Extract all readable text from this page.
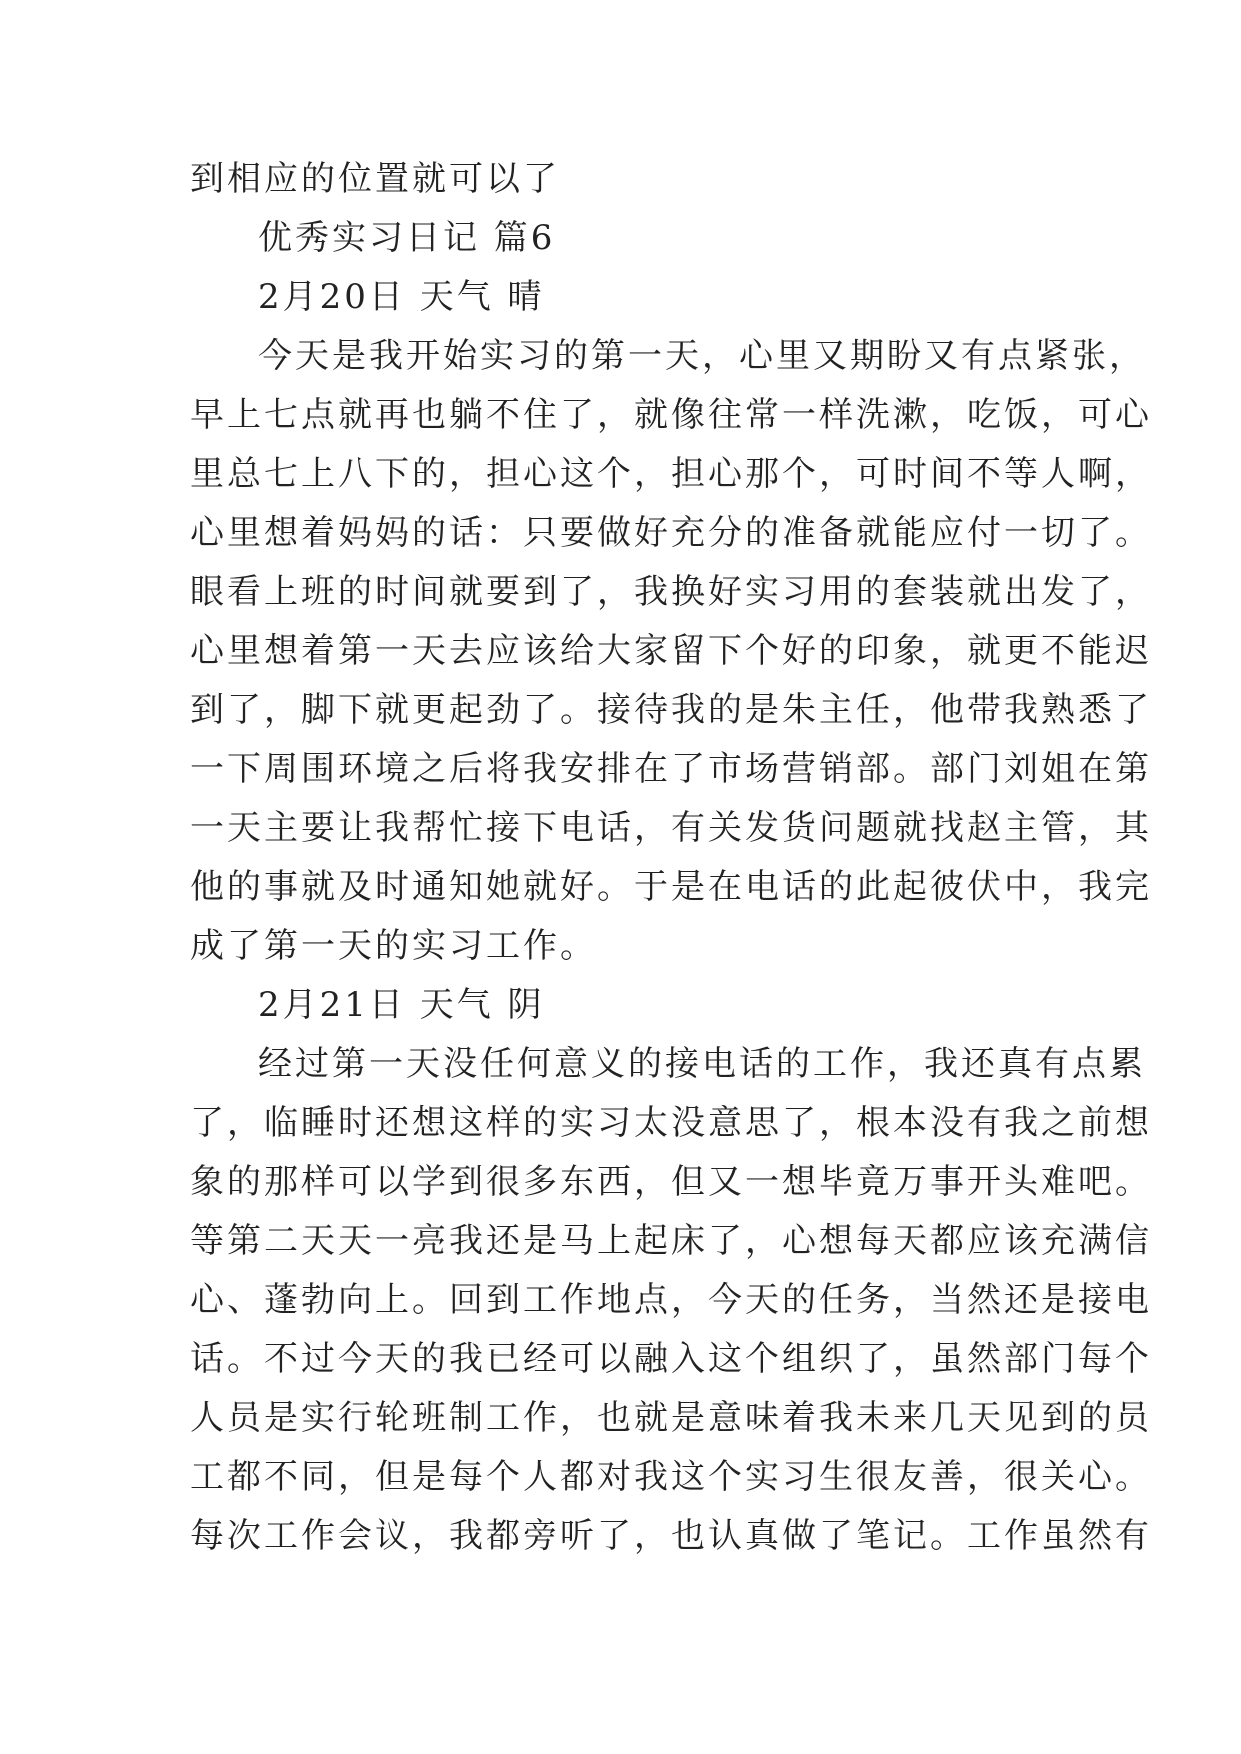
到相应的位置就可以了
优秀实习日记 篇6
2月20日 天气 晴
今天是我开始实习的第一天，心里又期盼又有点紧张，
早上七点就再也躺不住了，就像往常一样洗漱，吃饭，可心
里总七上八下的，担心这个，担心那个，可时间不等人啊，
心里想着妈妈的话：只要做好充分的准备就能应付一切了。
眼看上班的时间就要到了，我换好实习用的套装就出发了，
心里想着第一天去应该给大家留下个好的印象，就更不能迟
到了，脚下就更起劲了。接待我的是朱主任，他带我熟悉了
一下周围环境之后将我安排在了市场营销部。部门刘姐在第
一天主要让我帮忙接下电话，有关发货问题就找赵主管，其
他的事就及时通知她就好。于是在电话的此起彼伏中，我完
成了第一天的实习工作。
2月21日 天气 阴
经过第一天没任何意义的接电话的工作，我还真有点累
了，临睡时还想这样的实习太没意思了，根本没有我之前想
象的那样可以学到很多东西，但又一想毕竟万事开头难吧。
等第二天天一亮我还是马上起床了，心想每天都应该充满信
心、蓬勃向上。回到工作地点，今天的任务，当然还是接电
话。不过今天的我已经可以融入这个组织了，虽然部门每个
人员是实行轮班制工作，也就是意味着我未来几天见到的员
工都不同，但是每个人都对我这个实习生很友善，很关心。
每次工作会议，我都旁听了，也认真做了笔记。工作虽然有
